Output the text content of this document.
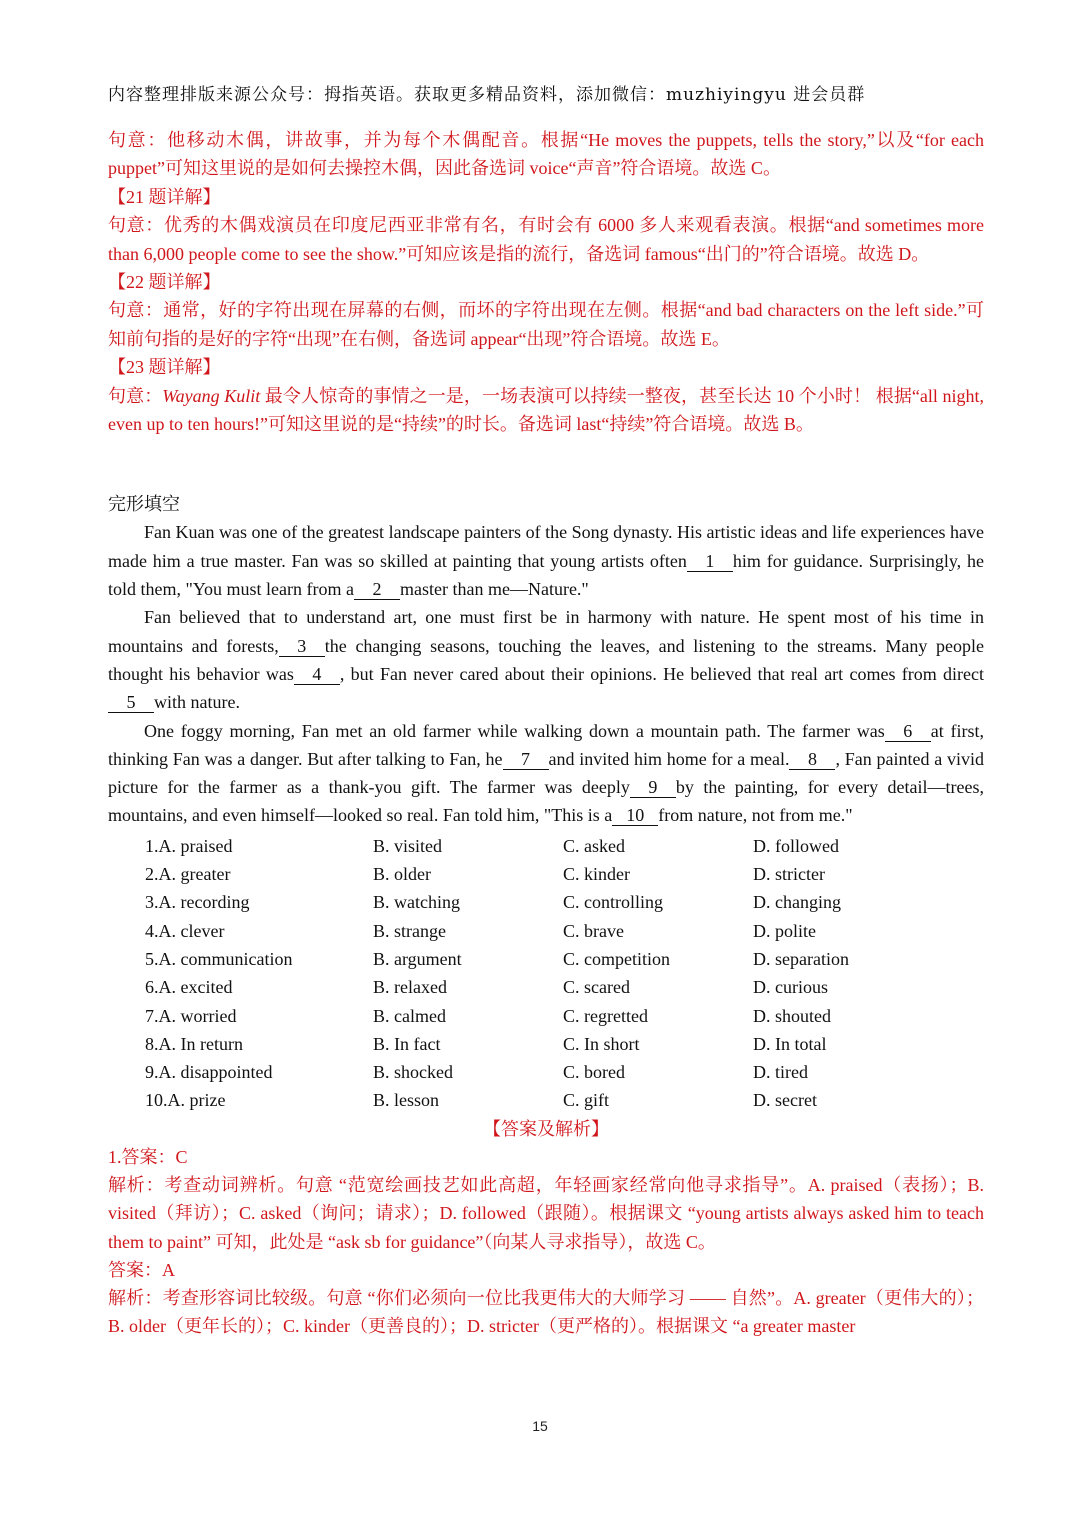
内容整理排版来源公众号：拇指英语。获取更多精品资料，添加微信：muzhiyingyu 进会员群

句意：他移动木偶，讲故事，并为每个木偶配音。根据“He moves the puppets, tells the story,”以及“for each puppet”可知这里说的是如何去操控木偶，因此备选词 voice“声音”符合语境。故选 C。

【21 题详解】

句意：优秀的木偶戏演员在印度尼西亚非常有名，有时会有 6000 多人来观看表演。根据“and sometimes more than 6,000 people come to see the show.”可知应该是指的流行，备选词 famous“出门的”符合语境。故选 D。

【22 题详解】

句意：通常，好的字符出现在屏幕的右侧，而坏的字符出现在左侧。根据“and bad characters on the left side.”可知前句指的是好的字符“出现”在右侧，备选词 appear“出现”符合语境。故选 E。

【23 题详解】

句意：Wayang Kulit 最令人惊奇的事情之一是，一场表演可以持续一整夜，甚至长达 10 个小时！ 根据“all night, even up to ten hours!”可知这里说的是“持续”的时长。备选词 last“持续”符合语境。故选 B。

完形填空

Fan Kuan was one of the greatest landscape painters of the Song dynasty. His artistic ideas and life experiences have made him a true master. Fan was so skilled at painting that young artists often 1 him for guidance. Surprisingly, he told them, "You must learn from a 2 master than me—Nature."

Fan believed that to understand art, one must first be in harmony with nature. He spent most of his time in mountains and forests, 3 the changing seasons, touching the leaves, and listening to the streams. Many people thought his behavior was 4 , but Fan never cared about their opinions. He believed that real art comes from direct5 with nature.

One foggy morning, Fan met an old farmer while walking down a mountain path. The farmer was 6 at first, thinking Fan was a danger. But after talking to Fan, he 7 and invited him home for a meal. 8 , Fan painted a vivid picture for the farmer as a thank-you gift. The farmer was deeply 9 by the painting, for every detail—trees, mountains, and even himself—looked so real. Fan told him, "This is a 10 from nature, not from me."

1.A. praised	B. visited	C. asked	D. followed
2.A. greater	B. older	C. kinder	D. stricter
3.A. recording	B. watching	C. controlling	D. changing
4.A. clever	B. strange	C. brave	D. polite
5.A. communication	B. argument	C. competition	D. separation
6.A. excited	B. relaxed	C. scared	D. curious
7.A. worried	B. calmed	C. regretted	D. shouted
8.A. In return	B. In fact	C. In short	D. In total
9.A. disappointed	B. shocked	C. bored	D. tired
10.A. prize	B. lesson	C. gift	D. secret
【答案及解析】

1.答案：C

解析：考查动词辨析。句意 “范宽绘画技艺如此高超，年轻画家经常向他寻求指导”。A. praised（表扬）；B. visited（拜访）；C. asked（询问；请求）；D. followed（跟随）。根据课文 “young artists always asked him to teach them to paint” 可知，此处是 “ask sb for guidance”（向某人寻求指导），故选 C。

答案：A

解析：考查形容词比较级。句意 “你们必须向一位比我更伟大的大师学习 —— 自然”。A. greater（更伟大的）；B. older（更年长的）；C. kinder（更善良的）；D. stricter（更严格的）。根据课文 “a greater master

15
